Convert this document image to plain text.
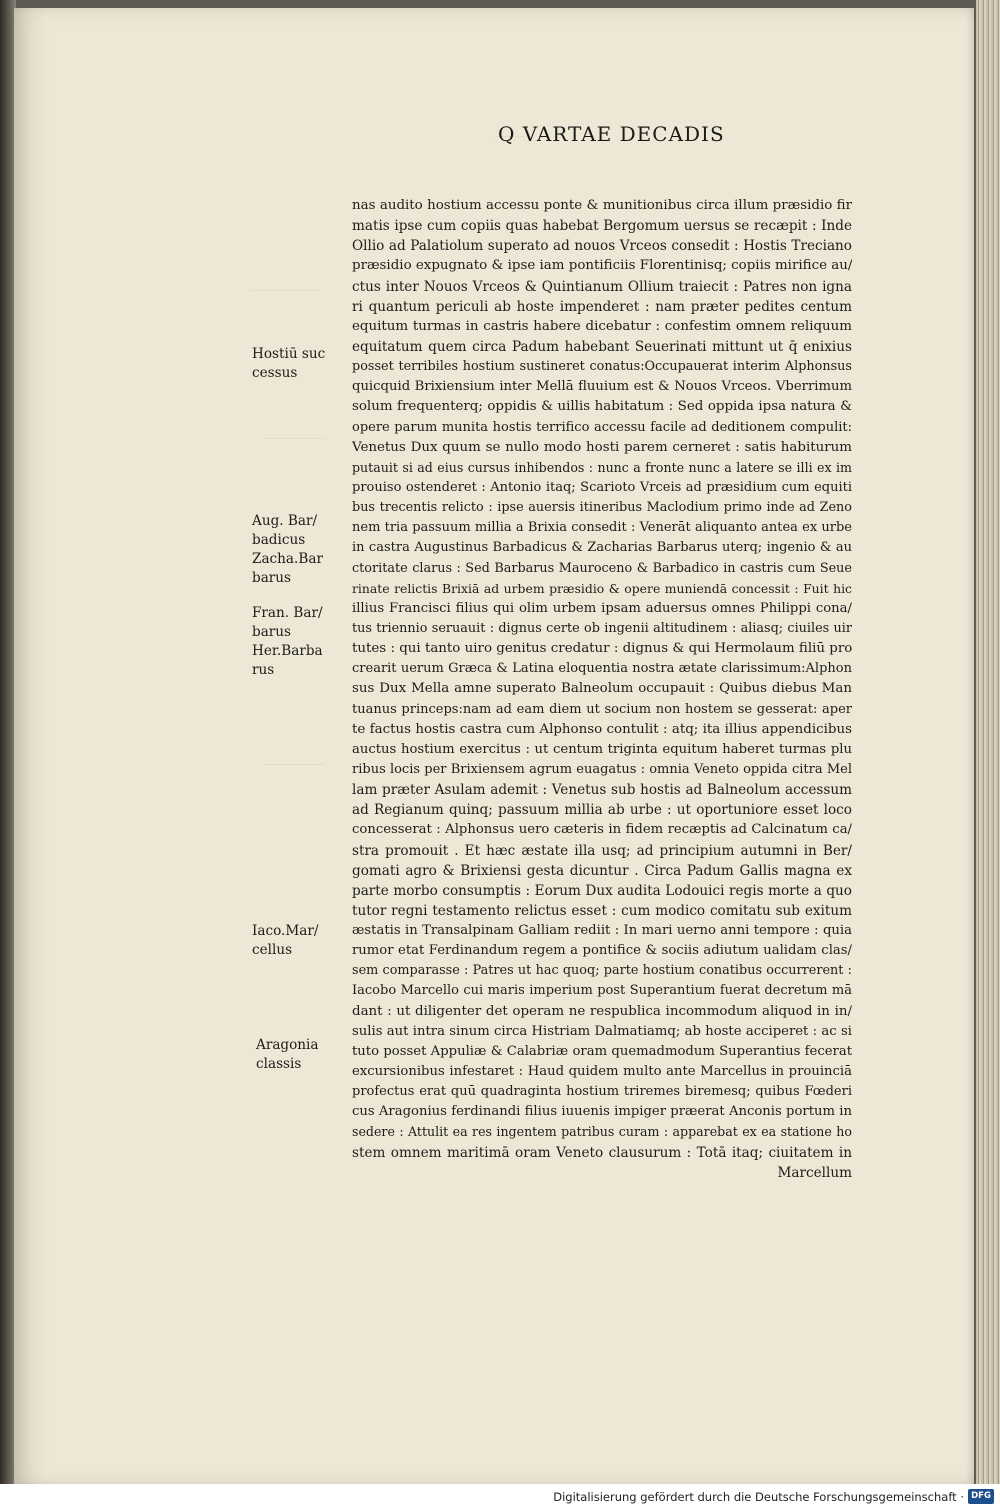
Q VARTAE DECADIS
Hostiū suc
cessus
Aug. Bar/
badicus
Zacha.Bar
barus
Fran. Bar/
barus
Her.Barba
rus
Iaco.Mar/
cellus
Aragonia
classis
nas audito hostium accessu ponte & munitionibus circa illum præsidio fir
matis ipse cum copiis quas habebat Bergomum uersus se recæpit : Inde
Ollio ad Palatiolum superato ad nouos Vrceos consedit : Hostis Treciano
præsidio expugnato & ipse iam pontificiis Florentinisq; copiis mirifice au/
ctus inter Nouos Vrceos & Quintianum Ollium traiecit : Patres non igna
ri quantum periculi ab hoste impenderet : nam præter pedites centum
equitum turmas in castris habere dicebatur : confestim omnem reliquum
equitatum quem circa Padum habebant Seuerinati mittunt ut q̄ enixius
posset terribiles hostium sustineret conatus:Occupauerat interim Alphonsus
quicquid Brixiensium inter Mellā fluuium est & Nouos Vrceos. Vberrimum
solum frequenterq; oppidis & uillis habitatum : Sed oppida ipsa natura &
opere parum munita hostis terrifico accessu facile ad deditionem compulit:
Venetus Dux quum se nullo modo hosti parem cerneret : satis habiturum
putauit si ad eius cursus inhibendos : nunc a fronte nunc a latere se illi ex im
prouiso ostenderet : Antonio itaq; Scarioto Vrceis ad præsidium cum equiti
bus trecentis relicto : ipse auersis itineribus Maclodium primo inde ad Zeno
nem tria passuum millia a Brixia consedit : Venerāt aliquanto antea ex urbe
in castra Augustinus Barbadicus & Zacharias Barbarus uterq; ingenio & au
ctoritate clarus : Sed Barbarus Mauroceno & Barbadico in castris cum Seue
rinate relictis Brixiā ad urbem præsidio & opere muniendā concessit : Fuit hic
illius Francisci filius qui olim urbem ipsam aduersus omnes Philippi cona/
tus triennio seruauit : dignus certe ob ingenii altitudinem : aliasq; ciuiles uir
tutes : qui tanto uiro genitus credatur : dignus & qui Hermolaum filiū pro
crearit uerum Græca & Latina eloquentia nostra ætate clarissimum:Alphon
sus Dux Mella amne superato Balneolum occupauit : Quibus diebus Man
tuanus princeps:nam ad eam diem ut socium non hostem se gesserat: aper
te factus hostis castra cum Alphonso contulit : atq; ita illius appendicibus
auctus hostium exercitus : ut centum triginta equitum haberet turmas plu
ribus locis per Brixiensem agrum euagatus : omnia Veneto oppida citra Mel
lam præter Asulam ademit : Venetus sub hostis ad Balneolum accessum
ad Regianum quinq; passuum millia ab urbe : ut oportuniore esset loco
concesserat : Alphonsus uero cæteris in fidem recæptis ad Calcinatum ca/
stra promouit . Et hæc æstate illa usq; ad principium autumni in Ber/
gomati agro & Brixiensi gesta dicuntur . Circa Padum Gallis magna ex
parte morbo consumptis : Eorum Dux audita Lodouici regis morte a quo
tutor regni testamento relictus esset : cum modico comitatu sub exitum
æstatis in Transalpinam Galliam rediit : In mari uerno anni tempore : quia
rumor etat Ferdinandum regem a pontifice & sociis adiutum ualidam clas/
sem comparasse : Patres ut hac quoq; parte hostium conatibus occurrerent :
Iacobo Marcello cui maris imperium post Superantium fuerat decretum mā
dant : ut diligenter det operam ne respublica incommodum aliquod in in/
sulis aut intra sinum circa Histriam Dalmatiamq; ab hoste acciperet : ac si
tuto posset Appuliæ & Calabriæ oram quemadmodum Superantius fecerat
excursionibus infestaret : Haud quidem multo ante Marcellus in prouinciā
profectus erat quū quadraginta hostium triremes biremesq; quibus Fœderi
cus Aragonius ferdinandi filius iuuenis impiger præerat Anconis portum in
sedere : Attulit ea res ingentem patribus curam : apparebat ex ea statione ho
stem omnem maritimā oram Veneto clausurum : Totā itaq; ciuitatem in
Marcellum
Digitalisierung gefördert durch die Deutsche Forschungsgemeinschaft · DFG
